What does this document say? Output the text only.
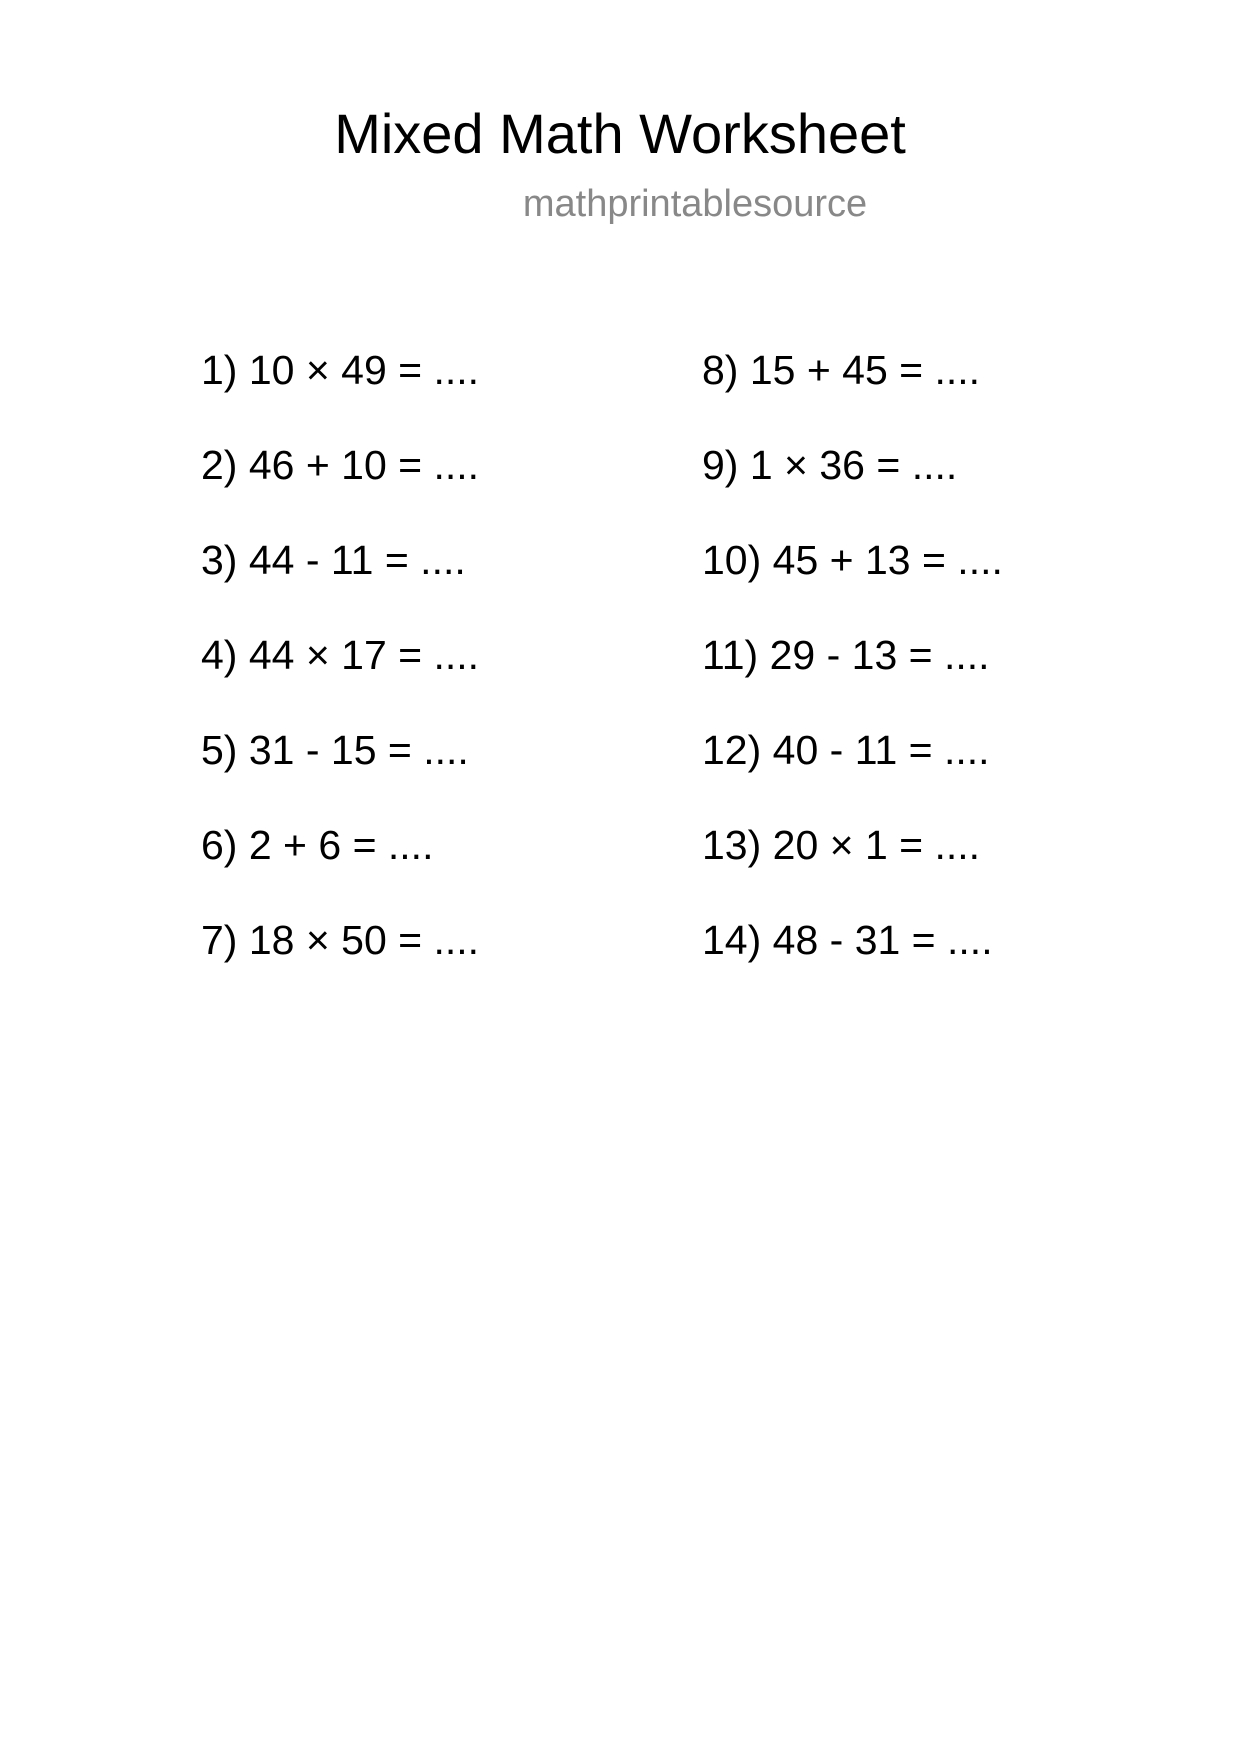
Mixed Math Worksheet
mathprintablesource
1) 10 × 49 = ....
2) 46 + 10 = ....
3) 44 - 11 = ....
4) 44 × 17 = ....
5) 31 - 15 = ....
6) 2 + 6 = ....
7) 18 × 50 = ....
8) 15 + 45 = ....
9) 1 × 36 = ....
10) 45 + 13 = ....
11) 29 - 13 = ....
12) 40 - 11 = ....
13) 20 × 1 = ....
14) 48 - 31 = ....
